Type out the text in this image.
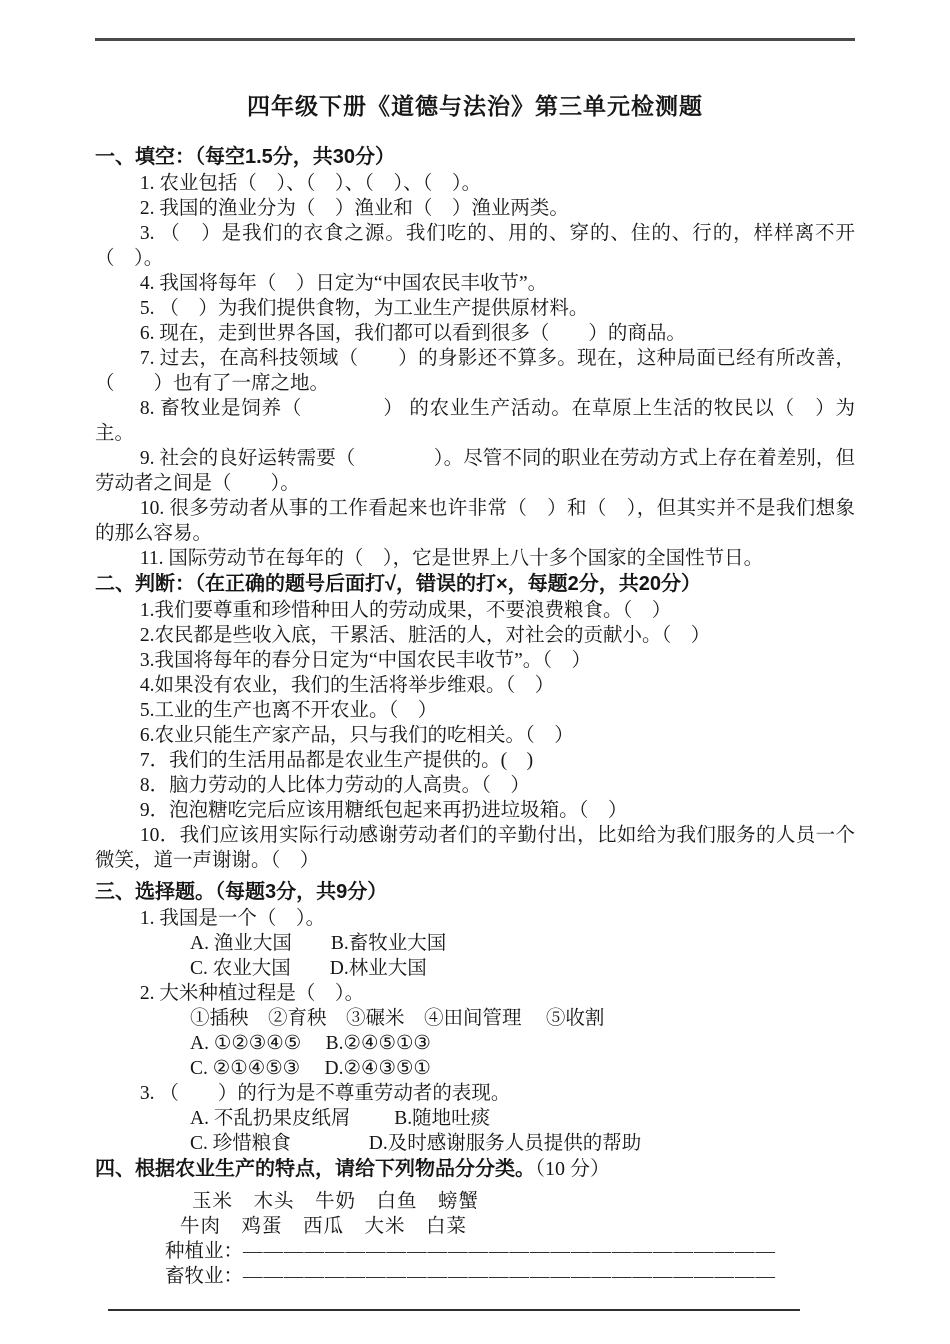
四年级下册《道德与法治》第三单元检测题
一、填空：（每空1.5分，共30分）

1. 农业包括（　）、（　）、（　）、（　）。

2. 我国的渔业分为（　）渔业和（　）渔业两类。

3. （　）是我们的衣食之源。我们吃的、用的、穿的、住的、行的，样样离不开（　）。

4. 我国将每年（　）日定为“中国农民丰收节”。

5. （　）为我们提供食物，为工业生产提供原材料。

6. 现在，走到世界各国，我们都可以看到很多（　　）的商品。

7. 过去，在高科技领域（　　）的身影还不算多。现在，这种局面已经有所改善，（　　）也有了一席之地。

8. 畜牧业是饲养（　　　　） 的农业生产活动。在草原上生活的牧民以（　）为主。

9. 社会的良好运转需要（　　　　）。尽管不同的职业在劳动方式上存在着差别，但劳动者之间是（　　）。

10. 很多劳动者从事的工作看起来也许非常（　）和（　），但其实并不是我们想象的那么容易。

11. 国际劳动节在每年的（　），它是世界上八十多个国家的全国性节日。

二、判断：（在正确的题号后面打√，错误的打×，每题2分，共20分）

1.我们要尊重和珍惜种田人的劳动成果，不要浪费粮食。（　）

2.农民都是些收入底，干累活、脏活的人，对社会的贡献小。（　）

3.我国将每年的春分日定为“中国农民丰收节”。（　）

4.如果没有农业，我们的生活将举步维艰。（　）

5.工业的生产也离不开农业。（　）

6.农业只能生产家产品，只与我们的吃相关。（　）

7．我们的生活用品都是农业生产提供的。(　)

8．脑力劳动的人比体力劳动的人高贵。（　）

9．泡泡糖吃完后应该用糖纸包起来再扔进垃圾箱。（　）

10．我们应该用实际行动感谢劳动者们的辛勤付出，比如给为我们服务的人员一个微笑，道一声谢谢。（　）

三、选择题。（每题3分，共9分）

1. 我国是一个（　）。

A. 渔业大国　　B.畜牧业大国

C. 农业大国　　D.林业大国

2. 大米种植过程是（　）。

①插秧　②育秧　③碾米　④田间管理　 ⑤收割

A. ①②③④⑤　 B.②④⑤①③

C. ②①④⑤③　 D.②④③⑤①

3. （　　）的行为是不尊重劳动者的表现。

A. 不乱扔果皮纸屑　　 B.随地吐痰

C. 珍惜粮食　　　　D.及时感谢服务人员提供的帮助

四、根据农业生产的特点，请给下列物品分分类。（10 分）

玉米　木头　牛奶　白鱼　螃蟹

牛肉　鸡蛋　西瓜　大米　白菜

种植业：——————————————————————————

畜牧业：——————————————————————————
